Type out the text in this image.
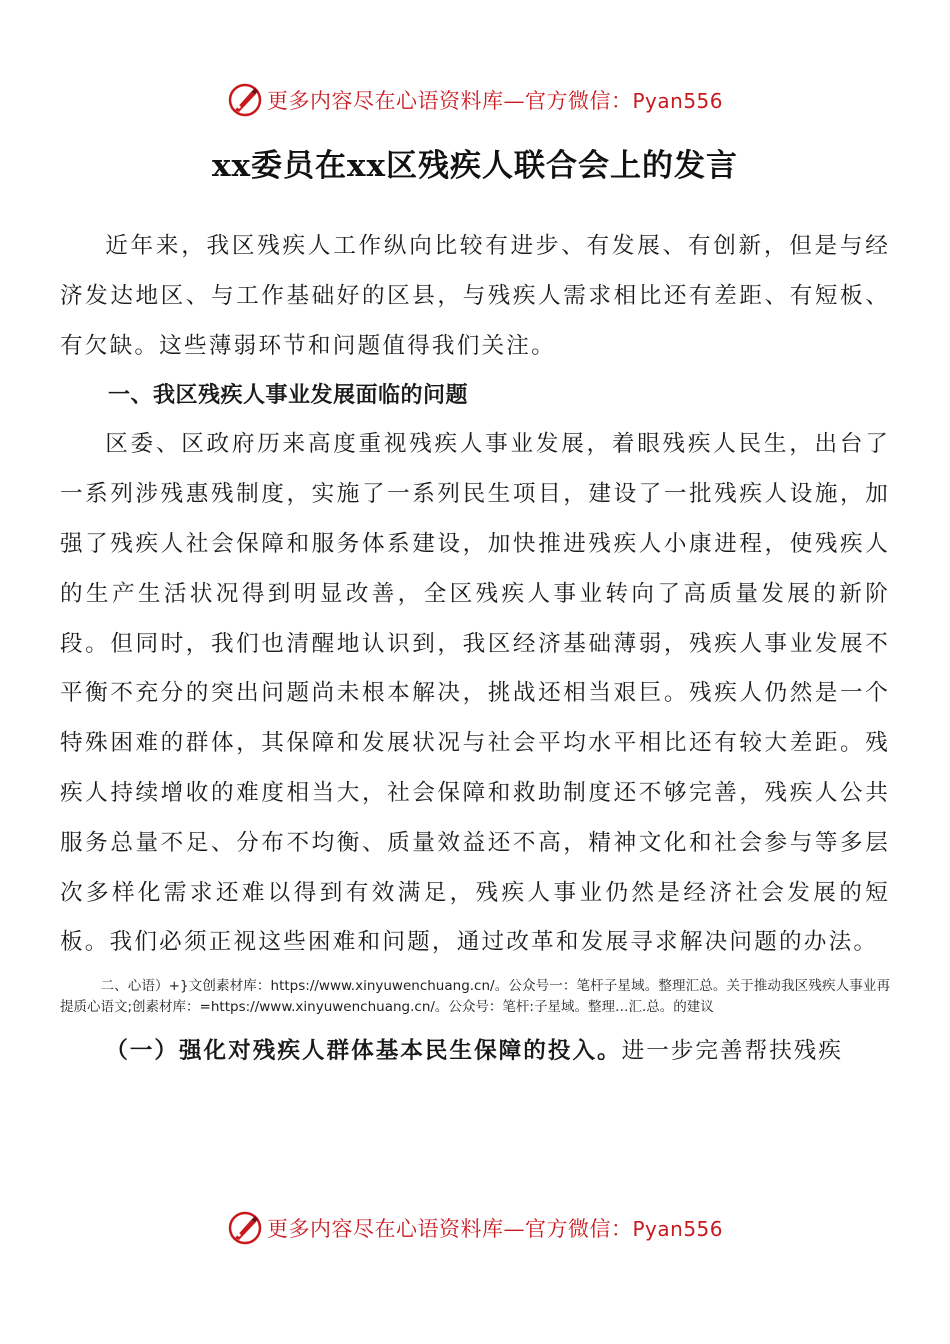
更多内容尽在心语资料库—官方微信：Pyan556
xx委员在xx区残疾人联合会上的发言

近年来，我区残疾人工作纵向比较有进步、有发展、有创新，但是与经济发达地区、与工作基础好的区县，与残疾人需求相比还有差距、有短板、有欠缺。这些薄弱环节和问题值得我们关注。

一、我区残疾人事业发展面临的问题

区委、区政府历来高度重视残疾人事业发展，着眼残疾人民生，出台了一系列涉残惠残制度，实施了一系列民生项目，建设了一批残疾人设施，加强了残疾人社会保障和服务体系建设，加快推进残疾人小康进程，使残疾人的生产生活状况得到明显改善，全区残疾人事业转向了高质量发展的新阶段。但同时，我们也清醒地认识到，我区经济基础薄弱，残疾人事业发展不平衡不充分的突出问题尚未根本解决，挑战还相当艰巨。残疾人仍然是一个特殊困难的群体，其保障和发展状况与社会平均水平相比还有较大差距。残疾人持续增收的难度相当大，社会保障和救助制度还不够完善，残疾人公共服务总量不足、分布不均衡、质量效益还不高，精神文化和社会参与等多层次多样化需求还难以得到有效满足，残疾人事业仍然是经济社会发展的短板。我们必须正视这些困难和问题，通过改革和发展寻求解决问题的办法。

二、心语）+}文创素材库：https://www.xinyuwenchuang.cn/。公众号一：笔杆子星域。整理汇总。关于推动我区残疾人事业再提质心语文;创素材库：=https://www.xinyuwenchuang.cn/。公众号：笔杆:子星域。整理…汇.总。的建议

（一）强化对残疾人群体基本民生保障的投入。进一步完善帮扶残疾

更多内容尽在心语资料库—官方微信：Pyan556
